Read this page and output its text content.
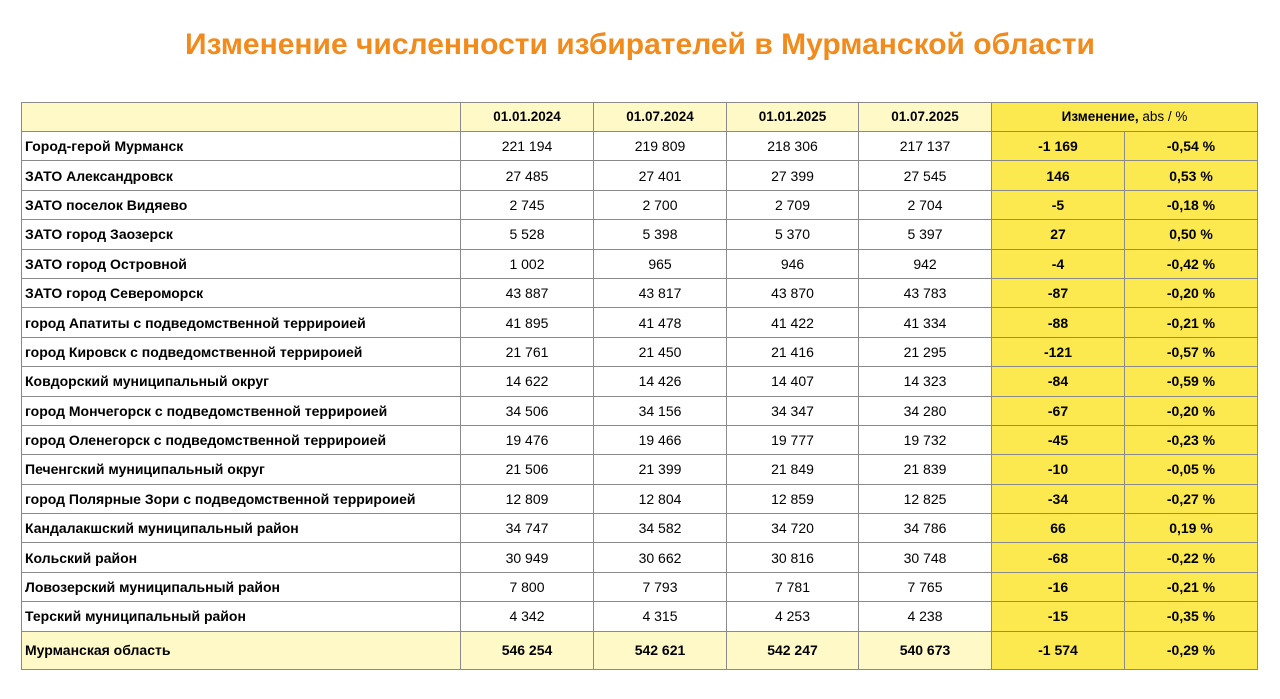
Изменение численности избирателей в Мурманской области
	01.01.2024	01.07.2024	01.01.2025	01.07.2025	Изменение, abs / %	
Город-герой Мурманск	221 194	219 809	218 306	217 137	-1 169	-0,54 %
ЗАТО Александровск	27 485	27 401	27 399	27 545	146	0,53 %
ЗАТО поселок Видяево	2 745	2 700	2 709	2 704	-5	-0,18 %
ЗАТО город Заозерск	5 528	5 398	5 370	5 397	27	0,50 %
ЗАТО город Островной	1 002	965	946	942	-4	-0,42 %
ЗАТО город Североморск	43 887	43 817	43 870	43 783	-87	-0,20 %
город Апатиты с подведомственной террироией	41 895	41 478	41 422	41 334	-88	-0,21 %
город Кировск с подведомственной террироией	21 761	21 450	21 416	21 295	-121	-0,57 %
Ковдорский муниципальный округ	14 622	14 426	14 407	14 323	-84	-0,59 %
город Мончегорск с подведомственной террироией	34 506	34 156	34 347	34 280	-67	-0,20 %
город Оленегорск с подведомственной террироией	19 476	19 466	19 777	19 732	-45	-0,23 %
Печенгский муниципальный округ	21 506	21 399	21 849	21 839	-10	-0,05 %
город Полярные Зори с подведомственной террироией	12 809	12 804	12 859	12 825	-34	-0,27 %
Кандалакшский муниципальный район	34 747	34 582	34 720	34 786	66	0,19 %
Кольский район	30 949	30 662	30 816	30 748	-68	-0,22 %
Ловозерский муниципальный район	7 800	7 793	7 781	7 765	-16	-0,21 %
Терский муниципальный район	4 342	4 315	4 253	4 238	-15	-0,35 %
Мурманская область	546 254	542 621	542 247	540 673	-1 574	-0,29 %
